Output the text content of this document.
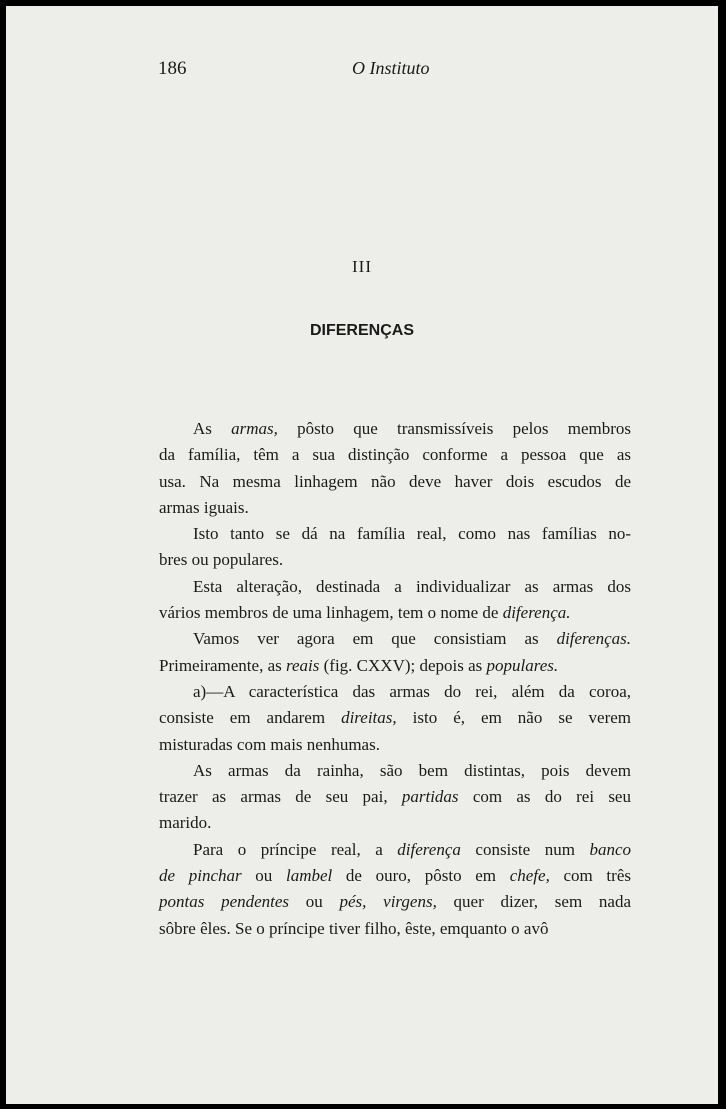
186	O Instituto
III
DIFERENÇAS
As armas, pôsto que transmissíveis pelos membros
da família, têm a sua distinção conforme a pessoa que as
usa. Na mesma linhagem não deve haver dois escudos de
armas iguais.
Isto tanto se dá na família real, como nas famílias no-
bres ou populares.
Esta alteração, destinada a individualizar as armas dos
vários membros de uma linhagem, tem o nome de diferença.
Vamos ver agora em que consistiam as diferenças.
Primeiramente, as reais (fig. CXXV); depois as populares.
a)—A característica das armas do rei, além da coroa,
consiste em andarem direitas, isto é, em não se verem
misturadas com mais nenhumas.
As armas da rainha, são bem distintas, pois devem
trazer as armas de seu pai, partidas com as do rei seu
marido.
Para o príncipe real, a diferença consiste num banco
de pinchar ou lambel de ouro, pôsto em chefe, com três
pontas pendentes ou pés, virgens, quer dizer, sem nada
sôbre êles. Se o príncipe tiver filho, êste, emquanto o avô
